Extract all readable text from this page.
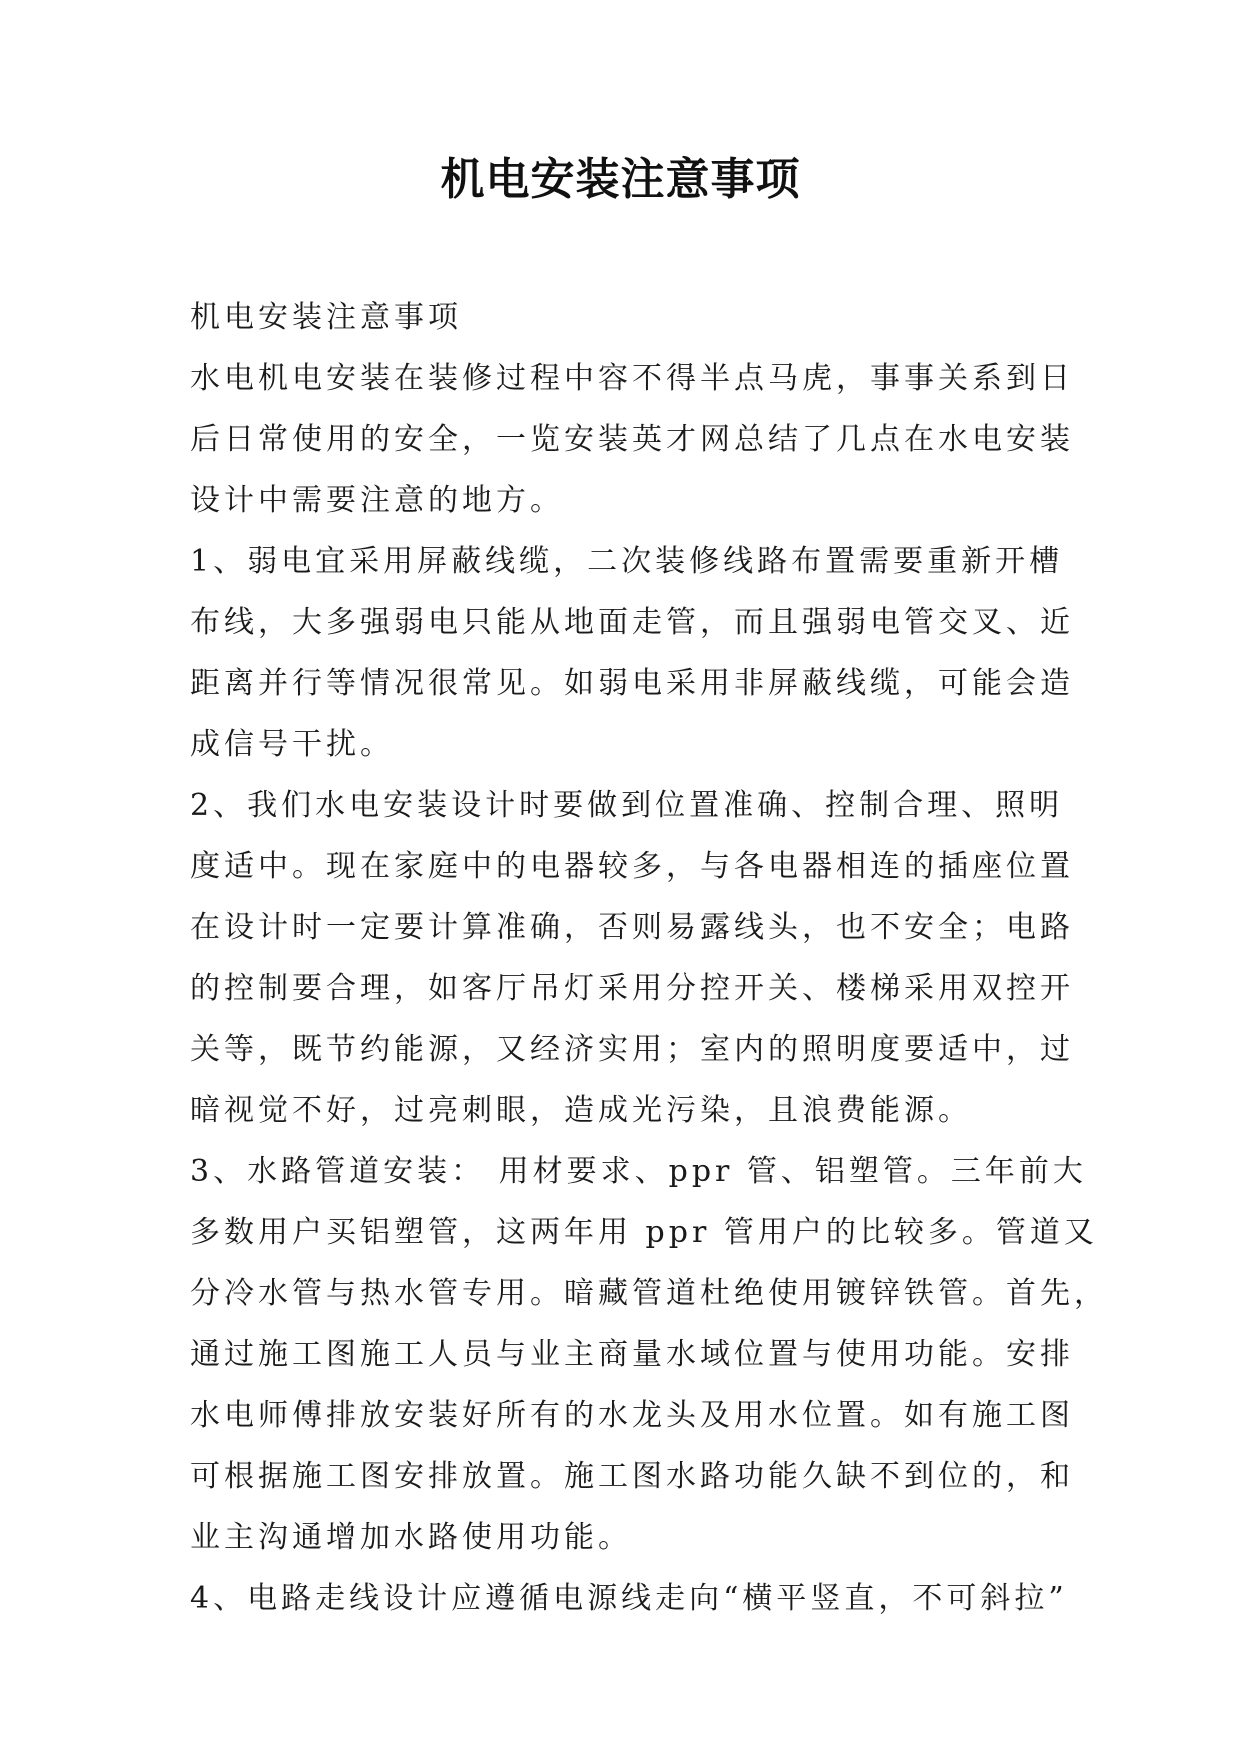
机电安装注意事项
机电安装注意事项
水电机电安装在装修过程中容不得半点马虎，事事关系到日
后日常使用的安全，一览安装英才网总结了几点在水电安装
设计中需要注意的地方。
1、弱电宜采用屏蔽线缆，二次装修线路布置需要重新开槽
布线，大多强弱电只能从地面走管，而且强弱电管交叉、近
距离并行等情况很常见。如弱电采用非屏蔽线缆，可能会造
成信号干扰。
2、我们水电安装设计时要做到位置准确、控制合理、照明
度适中。现在家庭中的电器较多，与各电器相连的插座位置
在设计时一定要计算准确，否则易露线头，也不安全；电路
的控制要合理，如客厅吊灯采用分控开关、楼梯采用双控开
关等，既节约能源，又经济实用；室内的照明度要适中，过
暗视觉不好，过亮刺眼，造成光污染，且浪费能源。
3、水路管道安装： 用材要求、ppr 管、铝塑管。三年前大
多数用户买铝塑管，这两年用 ppr 管用户的比较多。管道又
分冷水管与热水管专用。暗藏管道杜绝使用镀锌铁管。首先，
通过施工图施工人员与业主商量水域位置与使用功能。安排
水电师傅排放安装好所有的水龙头及用水位置。如有施工图
可根据施工图安排放置。施工图水路功能久缺不到位的，和
业主沟通增加水路使用功能。
4、电路走线设计应遵循电源线走向“横平竖直，不可斜拉”
